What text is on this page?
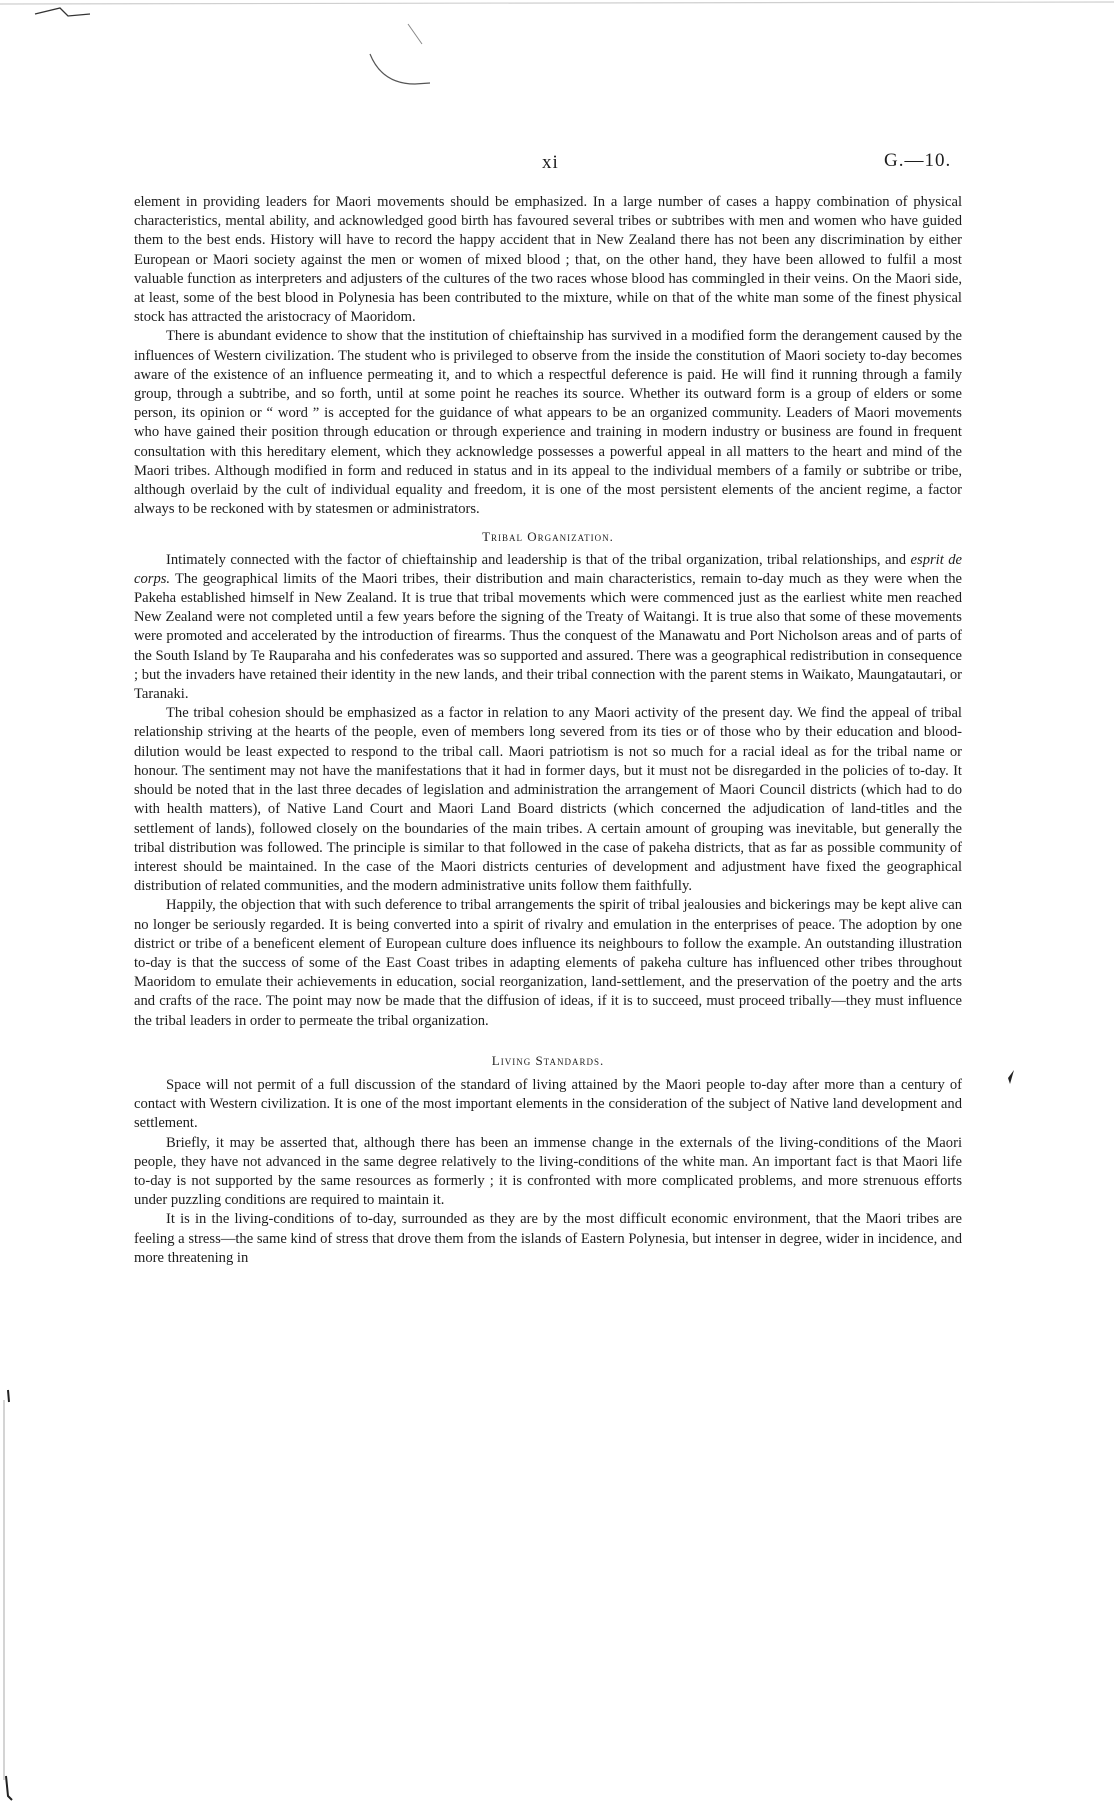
xi	G.—10.

element in providing leaders for Maori movements should be emphasized. In a large number of cases a happy combination of physical characteristics, mental ability, and acknowledged good birth has favoured several tribes or subtribes with men and women who have guided them to the best ends. History will have to record the happy accident that in New Zealand there has not been any discrimination by either European or Maori society against the men or women of mixed blood ; that, on the other hand, they have been allowed to fulfil a most valuable function as interpreters and adjusters of the cultures of the two races whose blood has commingled in their veins. On the Maori side, at least, some of the best blood in Polynesia has been contributed to the mixture, while on that of the white man some of the finest physical stock has attracted the aristocracy of Maoridom.

There is abundant evidence to show that the institution of chieftainship has survived in a modified form the derangement caused by the influences of Western civilization. The student who is privileged to observe from the inside the constitution of Maori society to-day becomes aware of the existence of an influence permeating it, and to which a respectful deference is paid. He will find it running through a family group, through a subtribe, and so forth, until at some point he reaches its source. Whether its outward form is a group of elders or some person, its opinion or “ word ” is accepted for the guidance of what appears to be an organized community. Leaders of Maori movements who have gained their position through education or through experience and training in modern industry or business are found in frequent consultation with this hereditary element, which they acknowledge possesses a powerful appeal in all matters to the heart and mind of the Maori tribes. Although modified in form and reduced in status and in its appeal to the individual members of a family or subtribe or tribe, although overlaid by the cult of individual equality and freedom, it is one of the most persistent elements of the ancient regime, a factor always to be reckoned with by statesmen or administrators.

Tribal Organization.

Intimately connected with the factor of chieftainship and leadership is that of the tribal organization, tribal relationships, and esprit de corps. The geographical limits of the Maori tribes, their distribution and main characteristics, remain to-day much as they were when the Pakeha established himself in New Zealand. It is true that tribal movements which were commenced just as the earliest white men reached New Zealand were not completed until a few years before the signing of the Treaty of Waitangi. It is true also that some of these movements were promoted and accelerated by the introduction of firearms. Thus the conquest of the Manawatu and Port Nicholson areas and of parts of the South Island by Te Rauparaha and his confederates was so supported and assured. There was a geographical redistribution in consequence ; but the invaders have retained their identity in the new lands, and their tribal connection with the parent stems in Waikato, Maungatautari, or Taranaki.

The tribal cohesion should be emphasized as a factor in relation to any Maori activity of the present day. We find the appeal of tribal relationship striving at the hearts of the people, even of members long severed from its ties or of those who by their education and blood-dilution would be least expected to respond to the tribal call. Maori patriotism is not so much for a racial ideal as for the tribal name or honour. The sentiment may not have the manifestations that it had in former days, but it must not be disregarded in the policies of to-day. It should be noted that in the last three decades of legislation and administration the arrangement of Maori Council districts (which had to do with health matters), of Native Land Court and Maori Land Board districts (which concerned the adjudication of land-titles and the settlement of lands), followed closely on the boundaries of the main tribes. A certain amount of grouping was inevitable, but generally the tribal distribution was followed. The principle is similar to that followed in the case of pakeha districts, that as far as possible community of interest should be maintained. In the case of the Maori districts centuries of development and adjustment have fixed the geographical distribution of related communities, and the modern administrative units follow them faithfully.

Happily, the objection that with such deference to tribal arrangements the spirit of tribal jealousies and bickerings may be kept alive can no longer be seriously regarded. It is being converted into a spirit of rivalry and emulation in the enterprises of peace. The adoption by one district or tribe of a beneficent element of European culture does influence its neighbours to follow the example. An outstanding illustration to-day is that the success of some of the East Coast tribes in adapting elements of pakeha culture has influenced other tribes throughout Maoridom to emulate their achievements in education, social reorganization, land-settlement, and the preservation of the poetry and the arts and crafts of the race. The point may now be made that the diffusion of ideas, if it is to succeed, must proceed tribally—they must influence the tribal leaders in order to permeate the tribal organization.

Living Standards.

Space will not permit of a full discussion of the standard of living attained by the Maori people to-day after more than a century of contact with Western civilization. It is one of the most important elements in the consideration of the subject of Native land development and settlement.

Briefly, it may be asserted that, although there has been an immense change in the externals of the living-conditions of the Maori people, they have not advanced in the same degree relatively to the living-conditions of the white man. An important fact is that Maori life to-day is not supported by the same resources as formerly ; it is confronted with more complicated problems, and more strenuous efforts under puzzling conditions are required to maintain it.

It is in the living-conditions of to-day, surrounded as they are by the most difficult economic environment, that the Maori tribes are feeling a stress—the same kind of stress that drove them from the islands of Eastern Polynesia, but intenser in degree, wider in incidence, and more threatening in
